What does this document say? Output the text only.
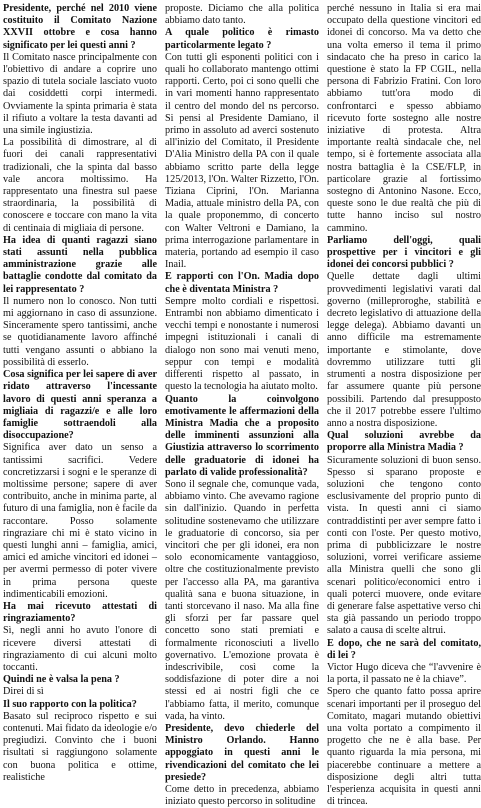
Presidente, perché nel 2010 viene costituito il Comitato Nazione XXVII ottobre e cosa hanno significato per lei questi anni ?

Il Comitato nasce principalmente con l'obiettivo di andare a coprire uno spazio di tutela sociale lasciato vuoto dai cosiddetti corpi intermedi. Ovviamente la spinta primaria è stata il rifiuto a voltare la testa davanti ad una simile ingiustizia.

La possibilità di dimostrare, al di fuori dei canali rappresentativi tradizionali, che la spinta dal basso vale ancora moltissimo. Ha rappresentato una finestra sul paese straordinaria, la possibilità di conoscere e toccare con mano la vita di centinaia di migliaia di persone.

Ha idea di quanti ragazzi siano stati assunti nella pubblica amministrazione grazie alle battaglie condotte dal comitato da lei rappresentato ?

Il numero non lo conosco. Non tutti mi aggiornano in caso di assunzione. Sinceramente spero tantissimi, anche se quotidianamente lavoro affinché tutti vengano assunti o abbiano la possibilità di esserlo.

Cosa significa per lei sapere di aver ridato attraverso l'incessante lavoro di questi anni speranza a migliaia di ragazzi/e e alle loro famiglie sottraendoli alla disoccupazione?

Significa aver dato un senso a tantissimi sacrifici. Vedere concretizzarsi i sogni e le speranze di moltissime persone; sapere di aver contribuito, anche in minima parte, al futuro di una famiglia, non è facile da raccontare. Posso solamente ringraziare chi mi è stato vicino in questi lunghi anni – famiglia, amici, amici ed amiche vincitori ed idonei – per avermi permesso di poter vivere in prima persona queste indimenticabili emozioni.

Ha mai ricevuto attestati di ringraziamento?

Sì, negli anni ho avuto l'onore di ricevere diversi attestati di ringraziamento di cui alcuni molto toccanti.

Quindi ne è valsa la pena ?

Direi di sì

Il suo rapporto con la politica?

Basato sul reciproco rispetto e sui contenuti. Mai fidato da ideologie e/o pregiudizi. Convinto che i buoni risultati si raggiungono solamente con buona politica e ottime, realistiche

proposte. Diciamo che alla politica abbiamo dato tanto.

A quale politico è rimasto particolarmente legato ?

Con tutti gli esponenti politici con i quali ho collaborato mantengo ottimi rapporti. Certo, poi ci sono quelli che in vari momenti hanno rappresentato il centro del mondo del ns percorso. Si pensi al Presidente Damiano, il primo in assoluto ad averci sostenuto all'inizio del Comitato, il Presidente D'Alia Ministro della PA con il quale abbiamo scritto parte della legge 125/2013, l'On. Walter Rizzetto, l'On. Tiziana Ciprini, l'On. Marianna Madia, attuale ministro della PA, con la quale proponemmo, di concerto con Walter Veltroni e Damiano, la prima interrogazione parlamentare in materia, portando ad esempio il caso Inail.

E rapporti con l'On. Madia dopo che è diventata Ministra ?

Sempre molto cordiali e rispettosi. Entrambi non abbiamo dimenticato i vecchi tempi e nonostante i numerosi impegni istituzionali i canali di dialogo non sono mai venuti meno, seppur con tempi e modalità differenti rispetto al passato, in questo la tecnologia ha aiutato molto.

Quanto la coinvolgono emotivamente le affermazioni della Ministra Madia che a proposito delle imminenti assunzioni alla Giustizia attraverso lo scorrimento delle graduatorie di idonei ha parlato di valide professionalità?

Sono il segnale che, comunque vada, abbiamo vinto. Che avevamo ragione sin dall'inizio. Quando in perfetta solitudine sostenevamo che utilizzare le graduatorie di concorso, sia per vincitori che per gli idonei, era non solo economicamente vantaggioso, oltre che costituzionalmente previsto per l'accesso alla PA, ma garantiva qualità sana e buona situazione, in tanti storcevano il naso. Ma alla fine gli sforzi per far passare quel concetto sono stati premiati e formalmente riconosciuti a livello governativo. L'emozione provata è indescrivibile, così come la soddisfazione di poter dire a noi stessi ed ai nostri figli che ce l'abbiamo fatta, il merito, comunque vada, ha vinto.

Presidente, devo chiederle del Ministro Orlando. Hanno appoggiato in questi anni le rivendicazioni del comitato che lei presiede?

Come detto in precedenza, abbiamo iniziato questo percorso in solitudine

perché nessuno in Italia si era mai occupato della questione vincitori ed idonei di concorso. Ma va detto che una volta emerso il tema il primo sindacato che ha preso in carico la questione è stato la FP CGIL, nella persona di Fabrizio Fratini. Con loro abbiamo tutt'ora modo di confrontarci e spesso abbiamo ricevuto forte sostegno alle nostre iniziative di protesta. Altra importante realtà sindacale che, nel tempo, si è fortemente associata alla nostra battaglia è la CSE/FLP, in particolare grazie al fortissimo sostegno di Antonino Nasone. Ecco, queste sono le due realtà che più di tutte hanno inciso sul nostro cammino.

Parliamo dell'oggi, quali prospettive per i vincitori e gli idonei dei concorsi pubblici ?

Quelle dettate dagli ultimi provvedimenti legislativi varati dal governo (milleproroghe, stabilità e decreto legislativo di attuazione della legge delega). Abbiamo davanti un anno difficile ma estremamente importante e stimolante, dove dovremmo utilizzare tutti gli strumenti a nostra disposizione per far assumere quante più persone possibili. Partendo dal presupposto che il 2017 potrebbe essere l'ultimo anno a nostra disposizione.

Qual soluzioni avrebbe da proporre alla Ministra Madia ?

Sicuramente soluzioni di buon senso. Spesso si sparano proposte e soluzioni che tengono conto esclusivamente del proprio punto di vista. In questi anni ci siamo contraddistinti per aver sempre fatto i conti con l'oste. Per questo motivo, prima di pubblicizzare le nostre soluzioni, vorrei verificare assieme alla Ministra quelli che sono gli scenari politico/economici entro i quali poterci muovere, onde evitare di generare false aspettative verso chi sta già passando un periodo troppo salato a causa di scelte altrui.

E dopo, che ne sarà del comitato, di lei ?

Victor Hugo diceva che “l'avvenire è la porta, il passato ne è la chiave”.

Spero che quanto fatto possa aprire scenari importanti per il proseguo del Comitato, magari mutando obiettivi una volta portato a compimento il progetto che ne è alla base. Per quanto riguarda la mia persona, mi piacerebbe continuare a mettere a disposizione degli altri tutta l'esperienza acquisita in questi anni di trincea.
